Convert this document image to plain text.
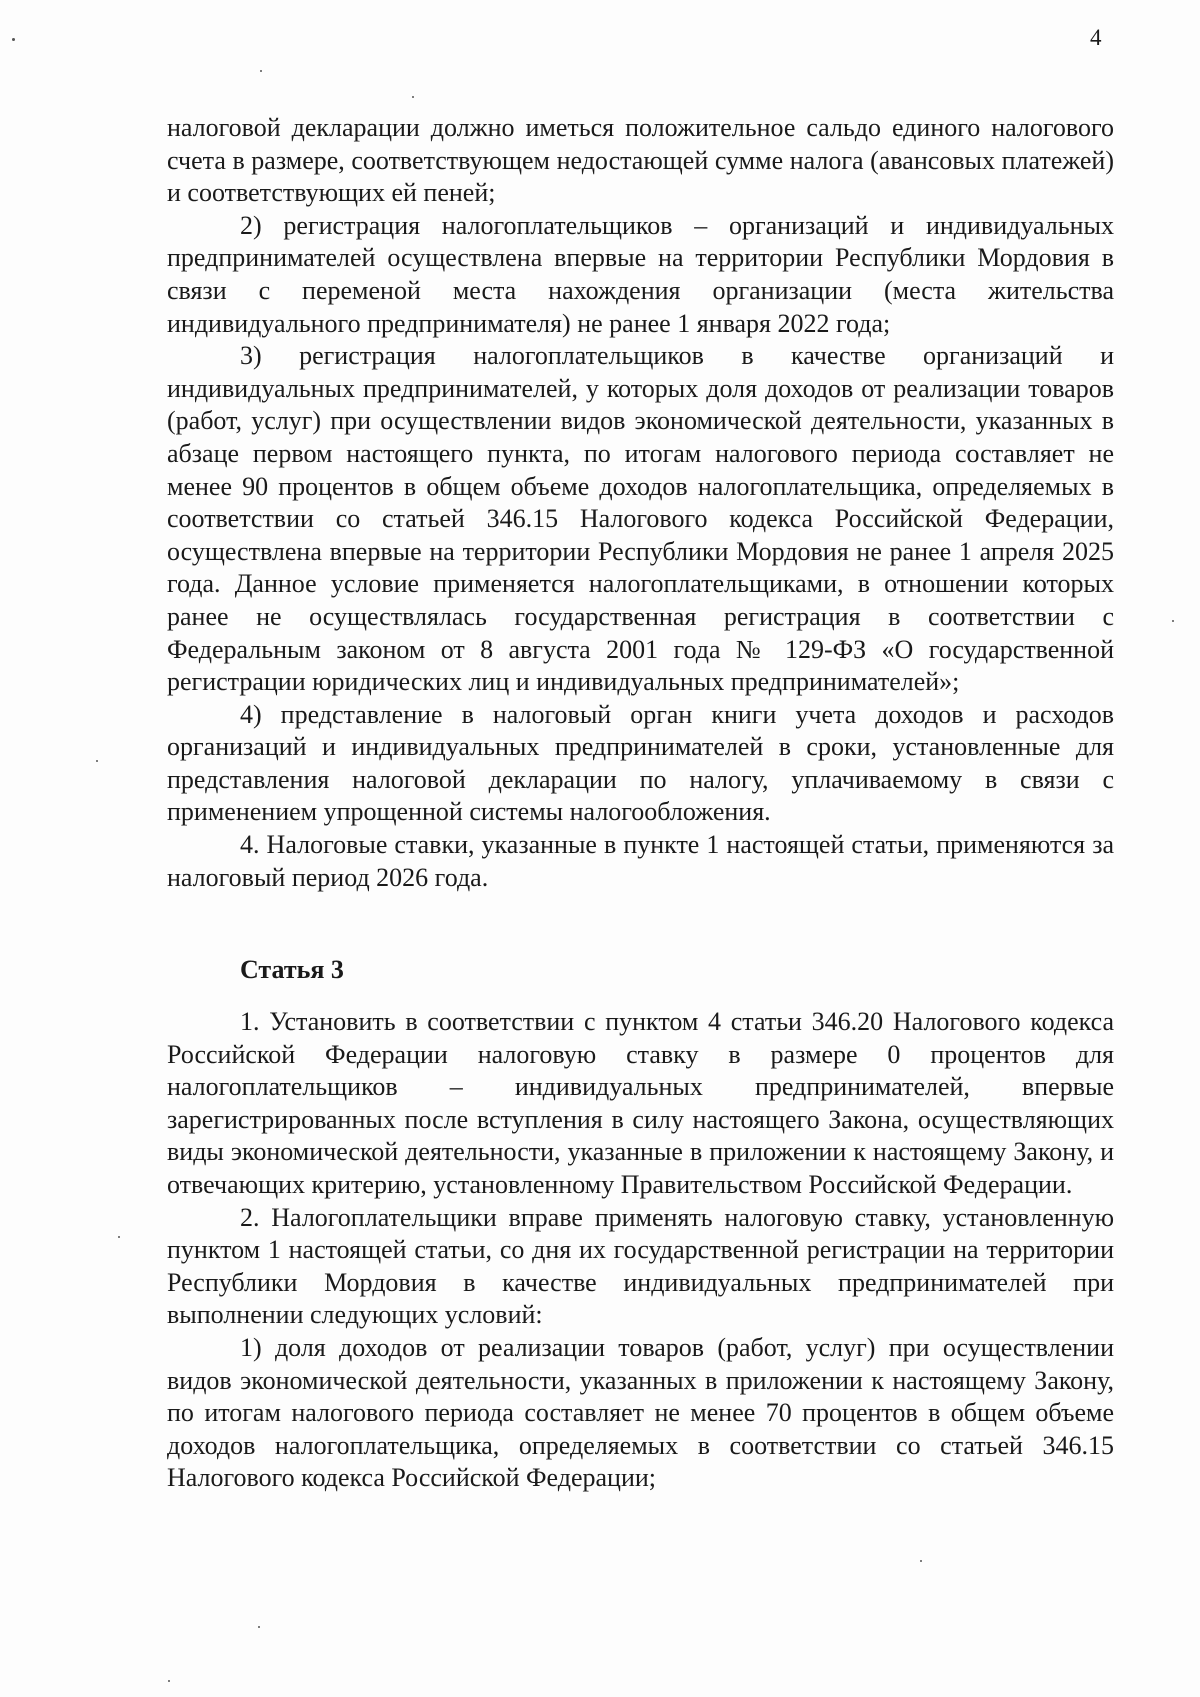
4

налоговой декларации должно иметься положительное сальдо единого налогового счета в размере, соответствующем недостающей сумме налога (авансовых платежей) и соответствующих ей пеней;

2) регистрация налогоплательщиков – организаций и индивидуальных предпринимателей осуществлена впервые на территории Республики Мордовия в связи с переменой места нахождения организации (места жительства индивидуального предпринимателя) не ранее 1 января 2022 года;

3) регистрация налогоплательщиков в качестве организаций и индивидуальных предпринимателей, у которых доля доходов от реализации товаров (работ, услуг) при осуществлении видов экономической деятельности, указанных в абзаце первом настоящего пункта, по итогам налогового периода составляет не менее 90 процентов в общем объеме доходов налогоплательщика, определяемых в соответствии со статьей 346.15 Налогового кодекса Российской Федерации, осуществлена впервые на территории Республики Мордовия не ранее 1 апреля 2025 года. Данное условие применяется налогоплательщиками, в отношении которых ранее не осуществлялась государственная регистрация в соответствии с Федеральным законом от 8 августа 2001 года № 129-ФЗ «О государственной регистрации юридических лиц и индивидуальных предпринимателей»;

4) представление в налоговый орган книги учета доходов и расходов организаций и индивидуальных предпринимателей в сроки, установленные для представления налоговой декларации по налогу, уплачиваемому в связи с применением упрощенной системы налогообложения.

4. Налоговые ставки, указанные в пункте 1 настоящей статьи, применяются за налоговый период 2026 года.

Статья 3

1. Установить в соответствии с пунктом 4 статьи 346.20 Налогового кодекса Российской Федерации налоговую ставку в размере 0 процентов для налогоплательщиков – индивидуальных предпринимателей, впервые зарегистрированных после вступления в силу настоящего Закона, осуществляющих виды экономической деятельности, указанные в приложении к настоящему Закону, и отвечающих критерию, установленному Правительством Российской Федерации.

2. Налогоплательщики вправе применять налоговую ставку, установленную пунктом 1 настоящей статьи, со дня их государственной регистрации на территории Республики Мордовия в качестве индивидуальных предпринимателей при выполнении следующих условий:

1) доля доходов от реализации товаров (работ, услуг) при осуществлении видов экономической деятельности, указанных в приложении к настоящему Закону, по итогам налогового периода составляет не менее 70 процентов в общем объеме доходов налогоплательщика, определяемых в соответствии со статьей 346.15 Налогового кодекса Российской Федерации;
